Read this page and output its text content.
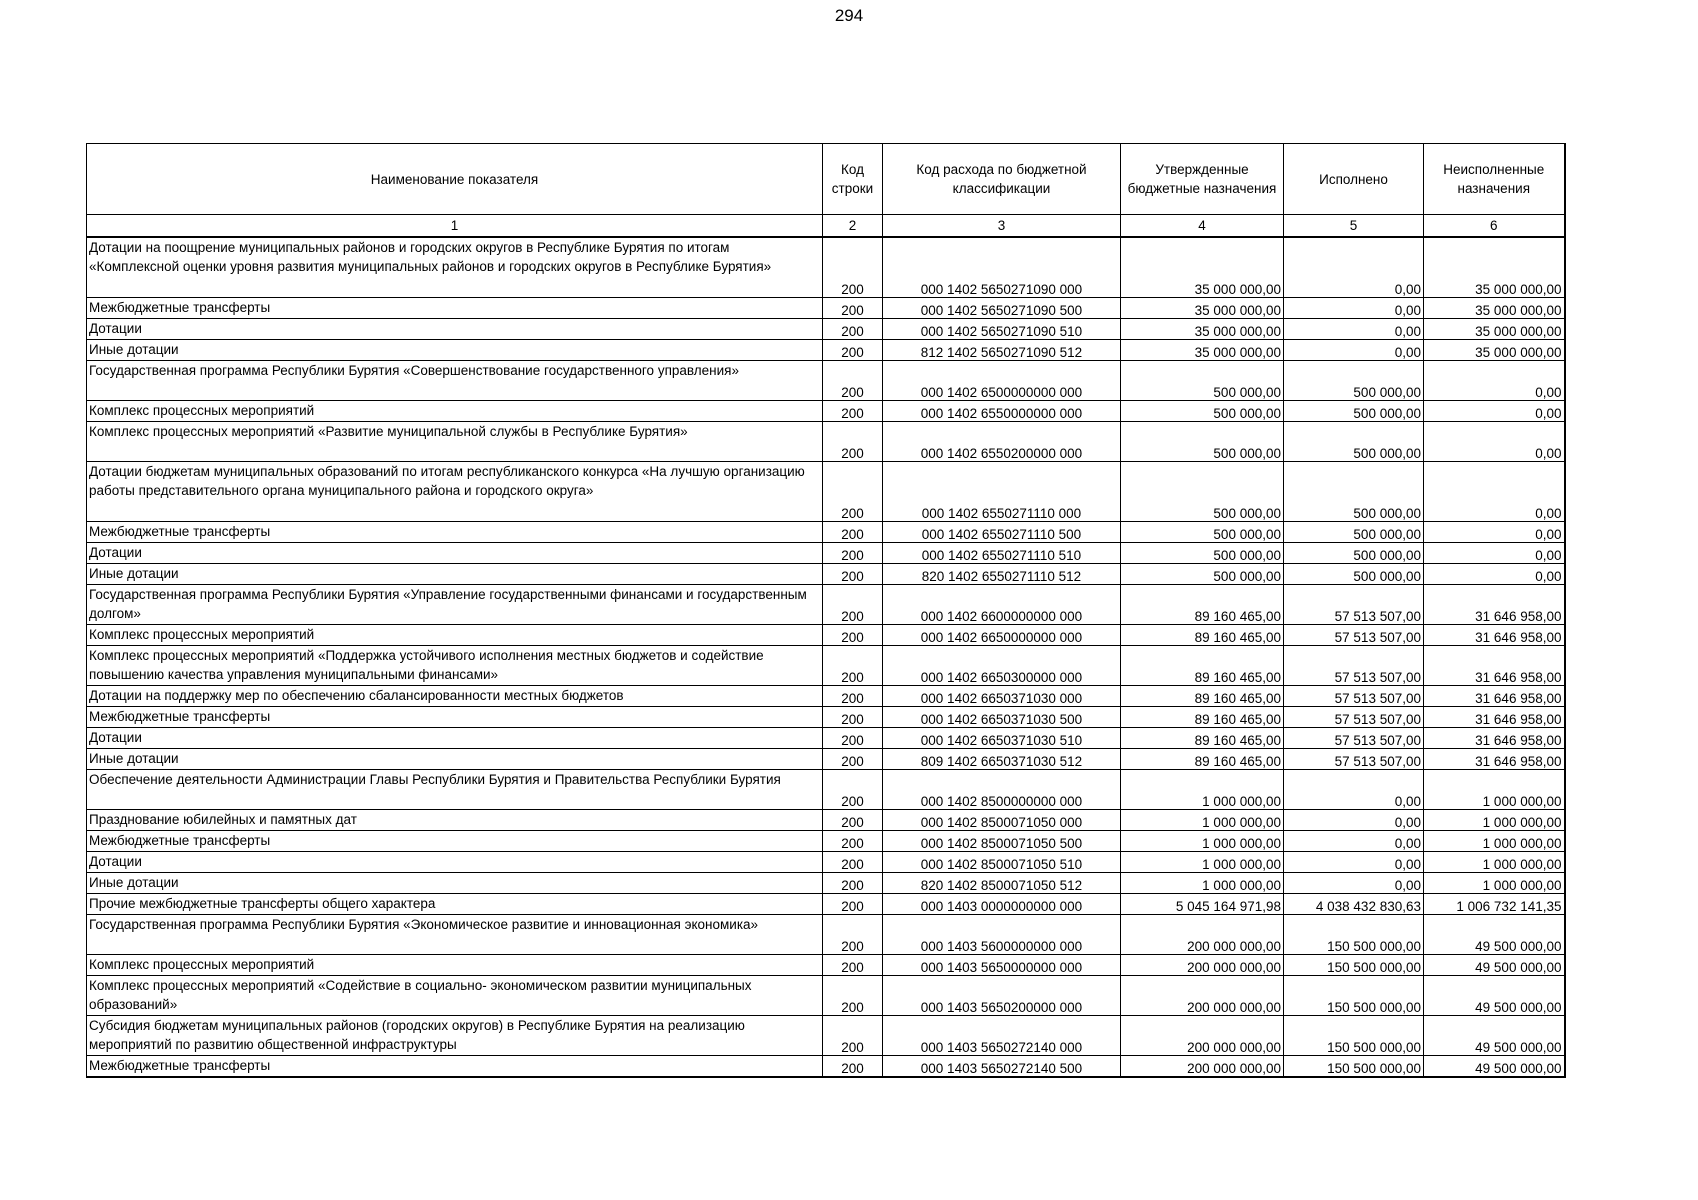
294
Наименование показателя	Код строки	Код расхода по бюджетной классификации	Утвержденные бюджетные назначения	Исполнено	Неисполненные назначения
1	2	3	4	5	6
Дотации на поощрение муниципальных районов и городских округов в Республике Бурятия по итогам «Комплексной оценки уровня развития муниципальных районов и городских округов в Республике Бурятия»	200	000 1402 5650271090 000	35 000 000,00	0,00	35 000 000,00
Межбюджетные трансферты	200	000 1402 5650271090 500	35 000 000,00	0,00	35 000 000,00
Дотации	200	000 1402 5650271090 510	35 000 000,00	0,00	35 000 000,00
Иные дотации	200	812 1402 5650271090 512	35 000 000,00	0,00	35 000 000,00
Государственная программа Республики Бурятия «Совершенствование государственного управления»	200	000 1402 6500000000 000	500 000,00	500 000,00	0,00
Комплекс процессных мероприятий	200	000 1402 6550000000 000	500 000,00	500 000,00	0,00
Комплекс процессных мероприятий «Развитие муниципальной службы в Республике Бурятия»	200	000 1402 6550200000 000	500 000,00	500 000,00	0,00
Дотации бюджетам муниципальных образований по итогам республиканского конкурса «На лучшую организацию работы представительного органа муниципального района и городского округа»	200	000 1402 6550271110 000	500 000,00	500 000,00	0,00
Межбюджетные трансферты	200	000 1402 6550271110 500	500 000,00	500 000,00	0,00
Дотации	200	000 1402 6550271110 510	500 000,00	500 000,00	0,00
Иные дотации	200	820 1402 6550271110 512	500 000,00	500 000,00	0,00
Государственная программа Республики Бурятия «Управление государственными финансами и государственным долгом»	200	000 1402 6600000000 000	89 160 465,00	57 513 507,00	31 646 958,00
Комплекс процессных мероприятий	200	000 1402 6650000000 000	89 160 465,00	57 513 507,00	31 646 958,00
Комплекс процессных мероприятий «Поддержка устойчивого исполнения местных бюджетов и содействие повышению качества управления муниципальными финансами»	200	000 1402 6650300000 000	89 160 465,00	57 513 507,00	31 646 958,00
Дотации на поддержку мер по обеспечению сбалансированности местных бюджетов	200	000 1402 6650371030 000	89 160 465,00	57 513 507,00	31 646 958,00
Межбюджетные трансферты	200	000 1402 6650371030 500	89 160 465,00	57 513 507,00	31 646 958,00
Дотации	200	000 1402 6650371030 510	89 160 465,00	57 513 507,00	31 646 958,00
Иные дотации	200	809 1402 6650371030 512	89 160 465,00	57 513 507,00	31 646 958,00
Обеспечение деятельности Администрации Главы Республики Бурятия и Правительства Республики Бурятия	200	000 1402 8500000000 000	1 000 000,00	0,00	1 000 000,00
Празднование юбилейных и памятных дат	200	000 1402 8500071050 000	1 000 000,00	0,00	1 000 000,00
Межбюджетные трансферты	200	000 1402 8500071050 500	1 000 000,00	0,00	1 000 000,00
Дотации	200	000 1402 8500071050 510	1 000 000,00	0,00	1 000 000,00
Иные дотации	200	820 1402 8500071050 512	1 000 000,00	0,00	1 000 000,00
Прочие межбюджетные трансферты общего характера	200	000 1403 0000000000 000	5 045 164 971,98	4 038 432 830,63	1 006 732 141,35
Государственная программа Республики Бурятия «Экономическое развитие и инновационная экономика»	200	000 1403 5600000000 000	200 000 000,00	150 500 000,00	49 500 000,00
Комплекс процессных мероприятий	200	000 1403 5650000000 000	200 000 000,00	150 500 000,00	49 500 000,00
Комплекс процессных мероприятий «Содействие в социально- экономическом развитии муниципальных образований»	200	000 1403 5650200000 000	200 000 000,00	150 500 000,00	49 500 000,00
Субсидия бюджетам муниципальных районов (городских округов) в Республике Бурятия на реализацию мероприятий по развитию общественной инфраструктуры	200	000 1403 5650272140 000	200 000 000,00	150 500 000,00	49 500 000,00
Межбюджетные трансферты	200	000 1403 5650272140 500	200 000 000,00	150 500 000,00	49 500 000,00
